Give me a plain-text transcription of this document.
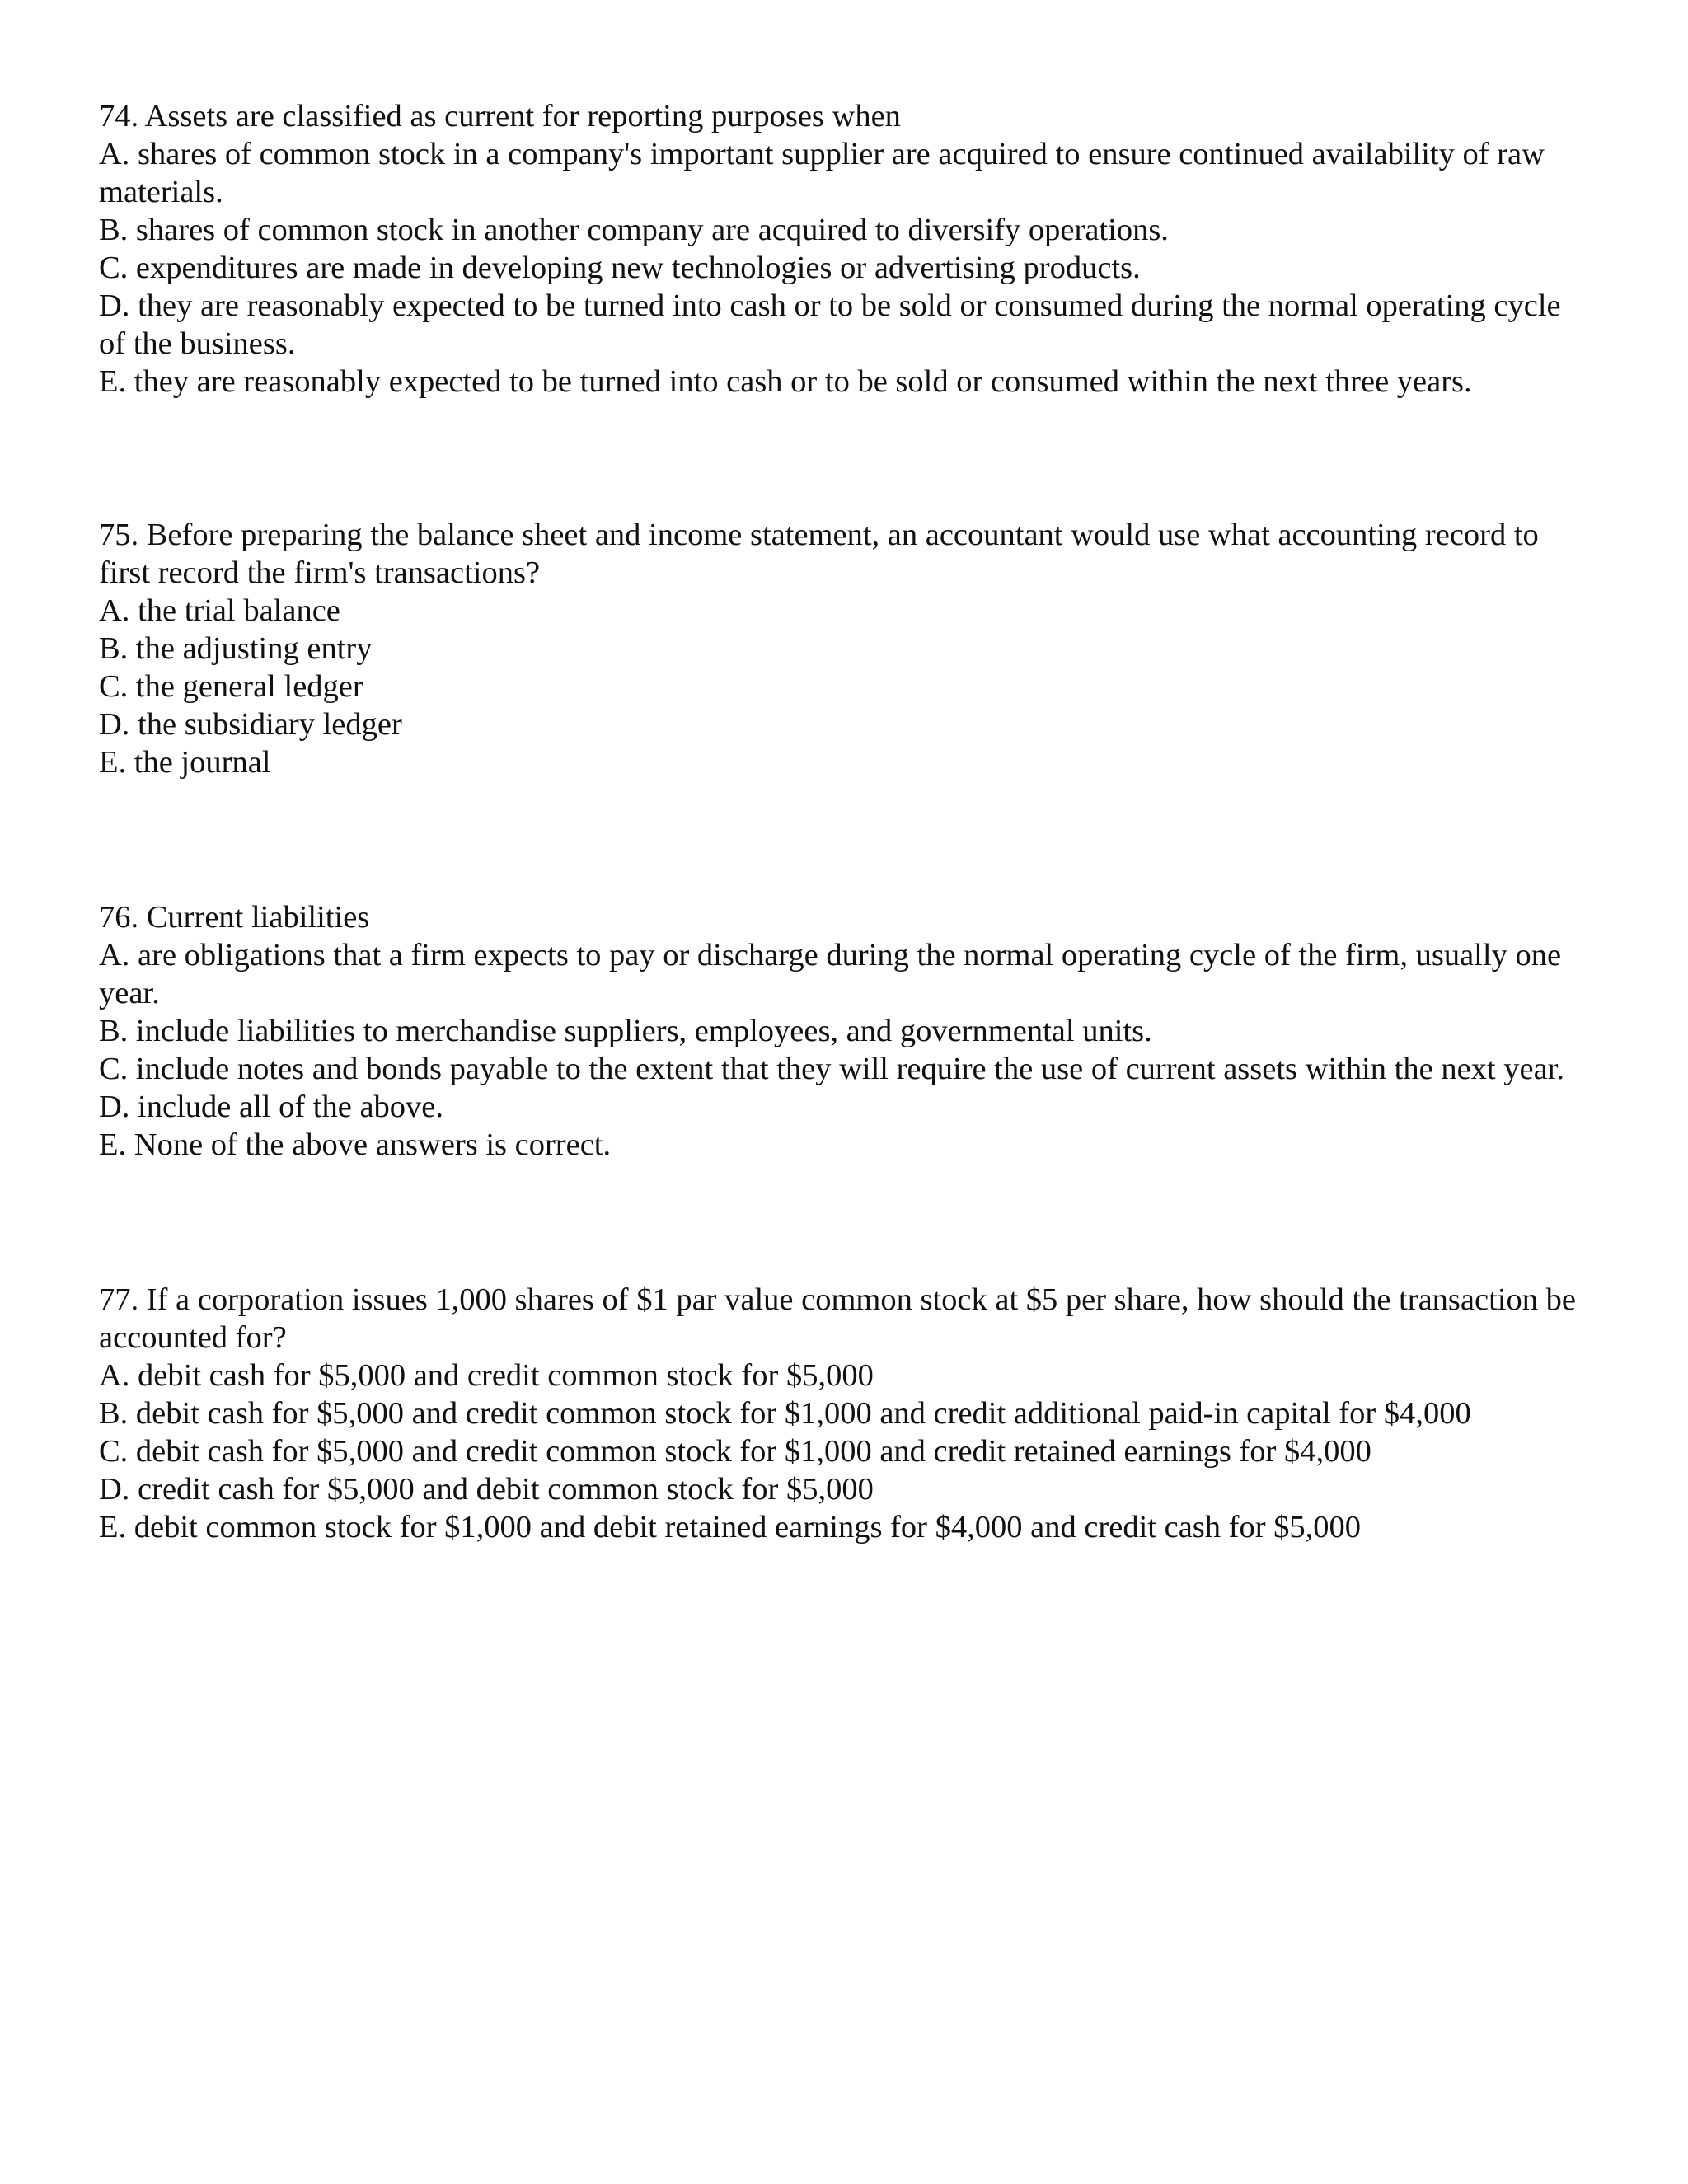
74. Assets are classified as current for reporting purposes when

A. shares of common stock in a company's important supplier are acquired to ensure continued availability of raw materials.

B. shares of common stock in another company are acquired to diversify operations.

C. expenditures are made in developing new technologies or advertising products.

D. they are reasonably expected to be turned into cash or to be sold or consumed during the normal operating cycle of the business.

E. they are reasonably expected to be turned into cash or to be sold or consumed within the next three years.

75. Before preparing the balance sheet and income statement, an accountant would use what accounting record to first record the firm's transactions?

A. the trial balance

B. the adjusting entry

C. the general ledger

D. the subsidiary ledger

E. the journal

76. Current liabilities

A. are obligations that a firm expects to pay or discharge during the normal operating cycle of the firm, usually one year.

B. include liabilities to merchandise suppliers, employees, and governmental units.

C. include notes and bonds payable to the extent that they will require the use of current assets within the next year.

D. include all of the above.

E. None of the above answers is correct.

77. If a corporation issues 1,000 shares of $1 par value common stock at $5 per share, how should the transaction be accounted for?

A. debit cash for $5,000 and credit common stock for $5,000

B. debit cash for $5,000 and credit common stock for $1,000 and credit additional paid-in capital for $4,000

C. debit cash for $5,000 and credit common stock for $1,000 and credit retained earnings for $4,000

D. credit cash for $5,000 and debit common stock for $5,000

E. debit common stock for $1,000 and debit retained earnings for $4,000 and credit cash for $5,000
